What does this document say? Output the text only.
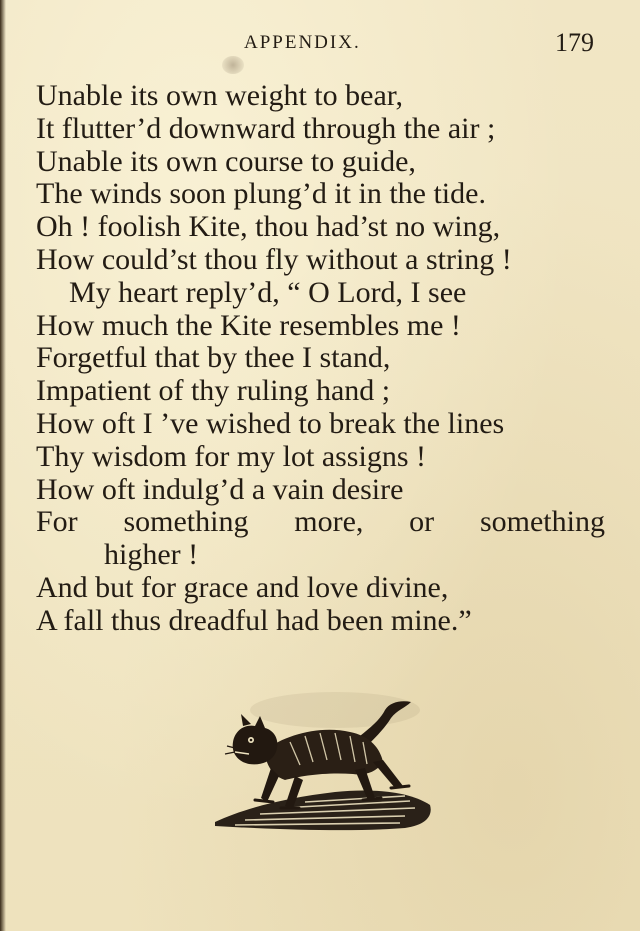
APPENDIX.	179
Unable its own weight to bear,
It flutter’d downward through the air ;
Unable its own course to guide,
The winds soon plung’d it in the tide.
Oh ! foolish Kite, thou had’st no wing,
How could’st thou fly without a string !
My heart reply’d, “ O Lord, I see
How much the Kite resembles me !
Forgetful that by thee I stand,
Impatient of thy ruling hand ;
How oft I ’ve wished to break the lines
Thy wisdom for my lot assigns !
How oft indulg’d a vain desire
For something more, or something
higher !
And but for grace and love divine,
A fall thus dreadful had been mine.”
